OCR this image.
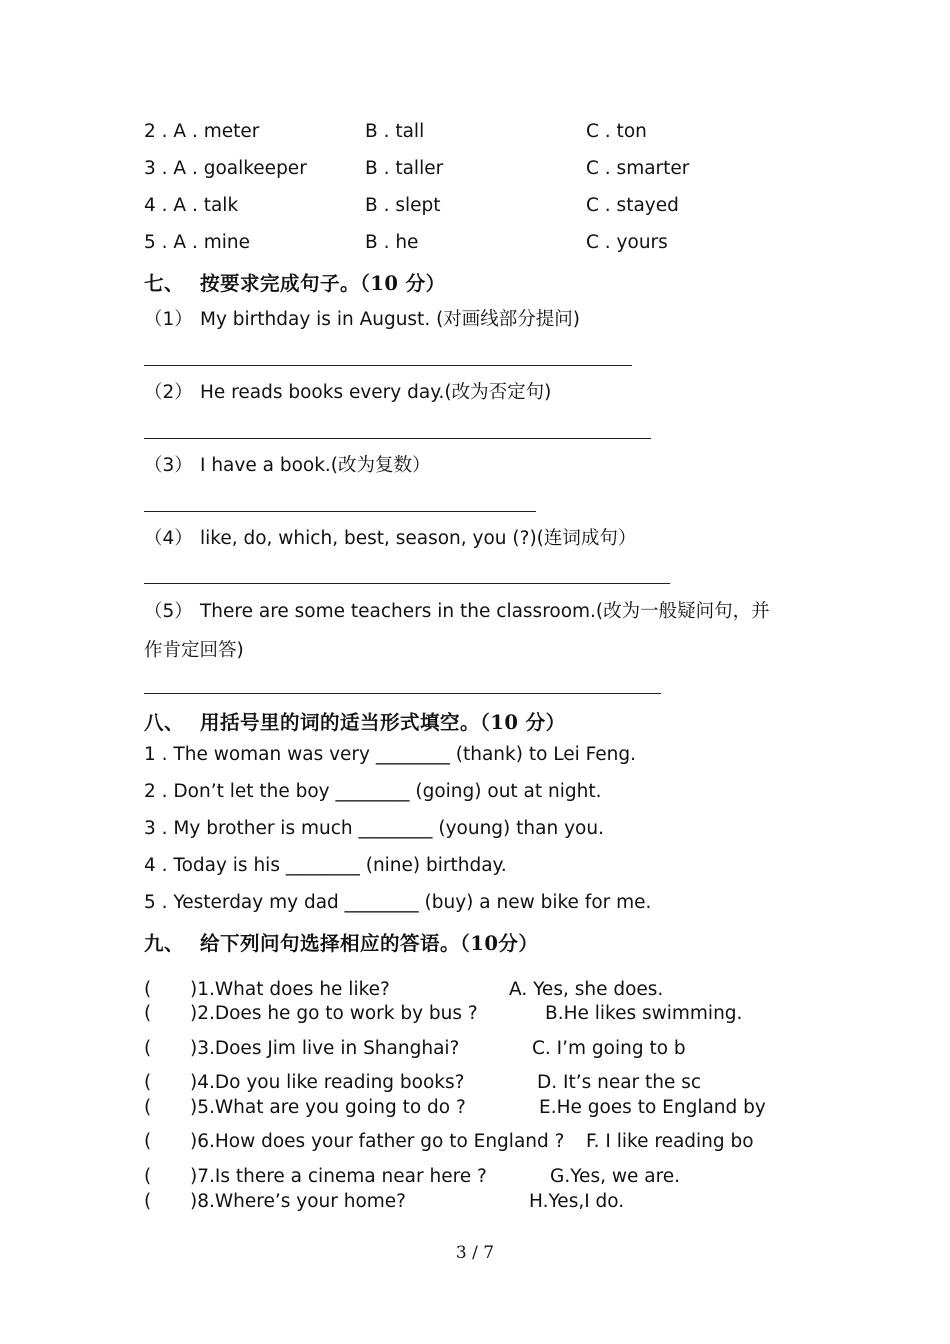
2 . A . meter	B . tall	C . ton
3 . A . goalkeeper	B . taller	C . smarter
4 . A . talk	B . slept	C . stayed
5 . A . mine	B . he	C . yours
七、 按要求完成句子。（10 分）
（1） My birthday is in August. (对画线部分提问)
（2） He reads books every day.(改为否定句)
（3） I have a book.(改为复数）
（4） like, do, which, best, season, you (?)(连词成句）
（5） There are some teachers in the classroom.(改为一般疑问句，并
作肯定回答)
八、 用括号里的词的适当形式填空。（10 分）
1 . The woman was very ________ (thank) to Lei Feng.
2 . Don’t let the boy ________ (going) out at night.
3 . My brother is much ________ (young) than you.
4 . Today is his ________ (nine) birthday.
5 . Yesterday my dad ________ (buy) a new bike for me.
九、 给下列问句选择相应的答语。（10分）
( )1.What does he like?	A. Yes, she does.
( )2.Does he go to work by bus ?	B.He likes swimming.
( )3.Does Jim live in Shanghai?	C. I’m going to b
( )4.Do you like reading books?	D. It’s near the sc
( )5.What are you going to do ?	E.He goes to England by
( )6.How does your father go to England ? F. I like reading bo
( )7.Is there a cinema near here ?	G.Yes, we are.
( )8.Where’s your home?	H.Yes,I do.
3 / 7
